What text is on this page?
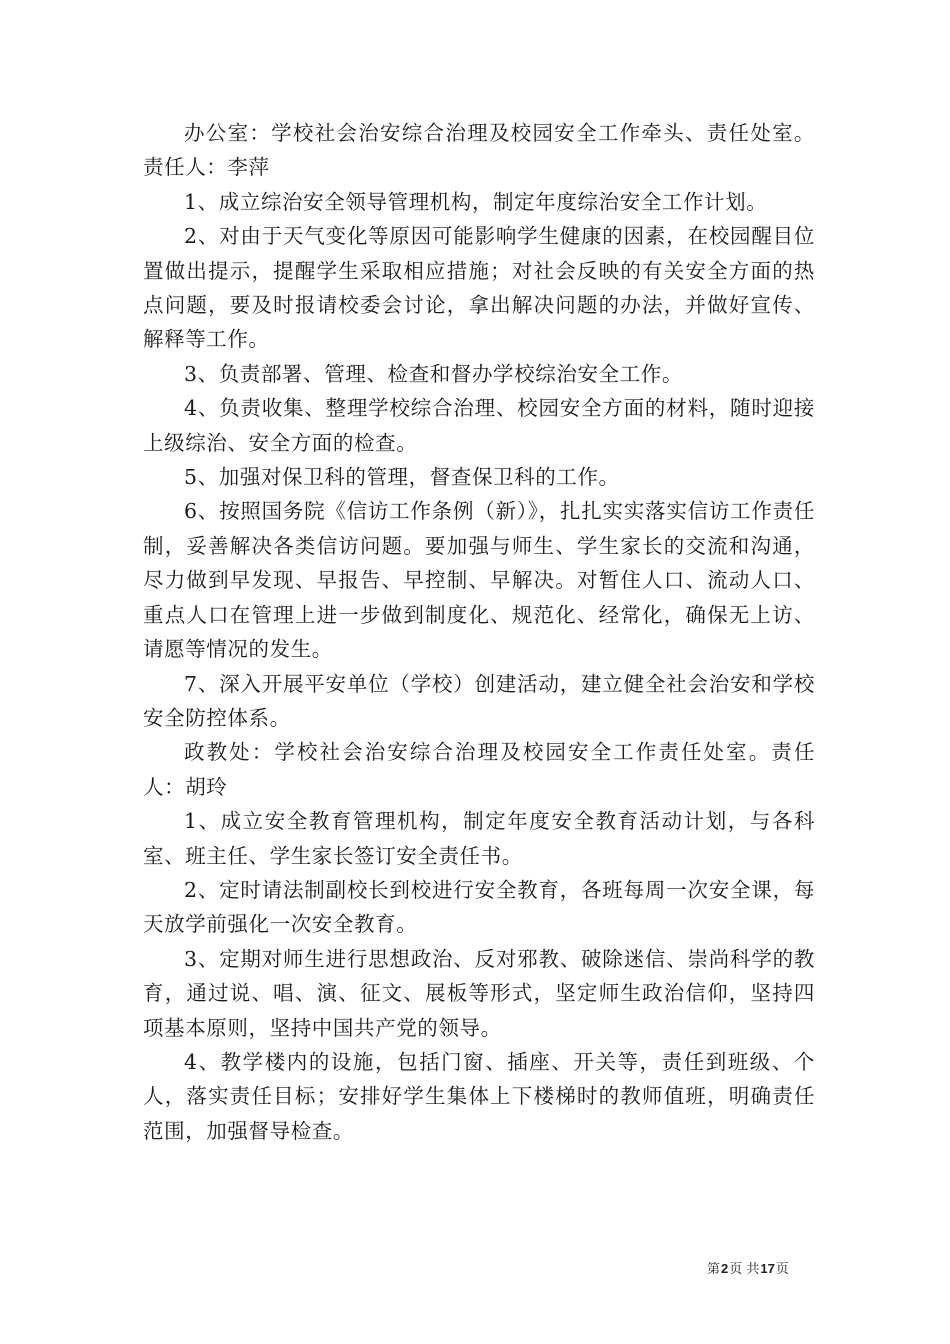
办公室：学校社会治安综合治理及校园安全工作牵头、责任处室。责任人：李萍

1、成立综治安全领导管理机构，制定年度综治安全工作计划。

2、对由于天气变化等原因可能影响学生健康的因素，在校园醒目位置做出提示，提醒学生采取相应措施；对社会反映的有关安全方面的热点问题，要及时报请校委会讨论，拿出解决问题的办法，并做好宣传、解释等工作。

3、负责部署、管理、检查和督办学校综治安全工作。

4、负责收集、整理学校综合治理、校园安全方面的材料，随时迎接上级综治、安全方面的检查。

5、加强对保卫科的管理，督查保卫科的工作。

6、按照国务院《信访工作条例（新）》，扎扎实实落实信访工作责任制，妥善解决各类信访问题。要加强与师生、学生家长的交流和沟通，尽力做到早发现、早报告、早控制、早解决。对暂住人口、流动人口、重点人口在管理上进一步做到制度化、规范化、经常化，确保无上访、请愿等情况的发生。

7、深入开展平安单位（学校）创建活动，建立健全社会治安和学校安全防控体系。

政教处：学校社会治安综合治理及校园安全工作责任处室。责任人：胡玲

1、成立安全教育管理机构，制定年度安全教育活动计划，与各科室、班主任、学生家长签订安全责任书。

2、定时请法制副校长到校进行安全教育，各班每周一次安全课，每天放学前强化一次安全教育。

3、定期对师生进行思想政治、反对邪教、破除迷信、崇尚科学的教育，通过说、唱、演、征文、展板等形式，坚定师生政治信仰，坚持四项基本原则，坚持中国共产党的领导。

4、教学楼内的设施，包括门窗、插座、开关等，责任到班级、个人，落实责任目标；安排好学生集体上下楼梯时的教师值班，明确责任范围，加强督导检查。

第2页 共17页
